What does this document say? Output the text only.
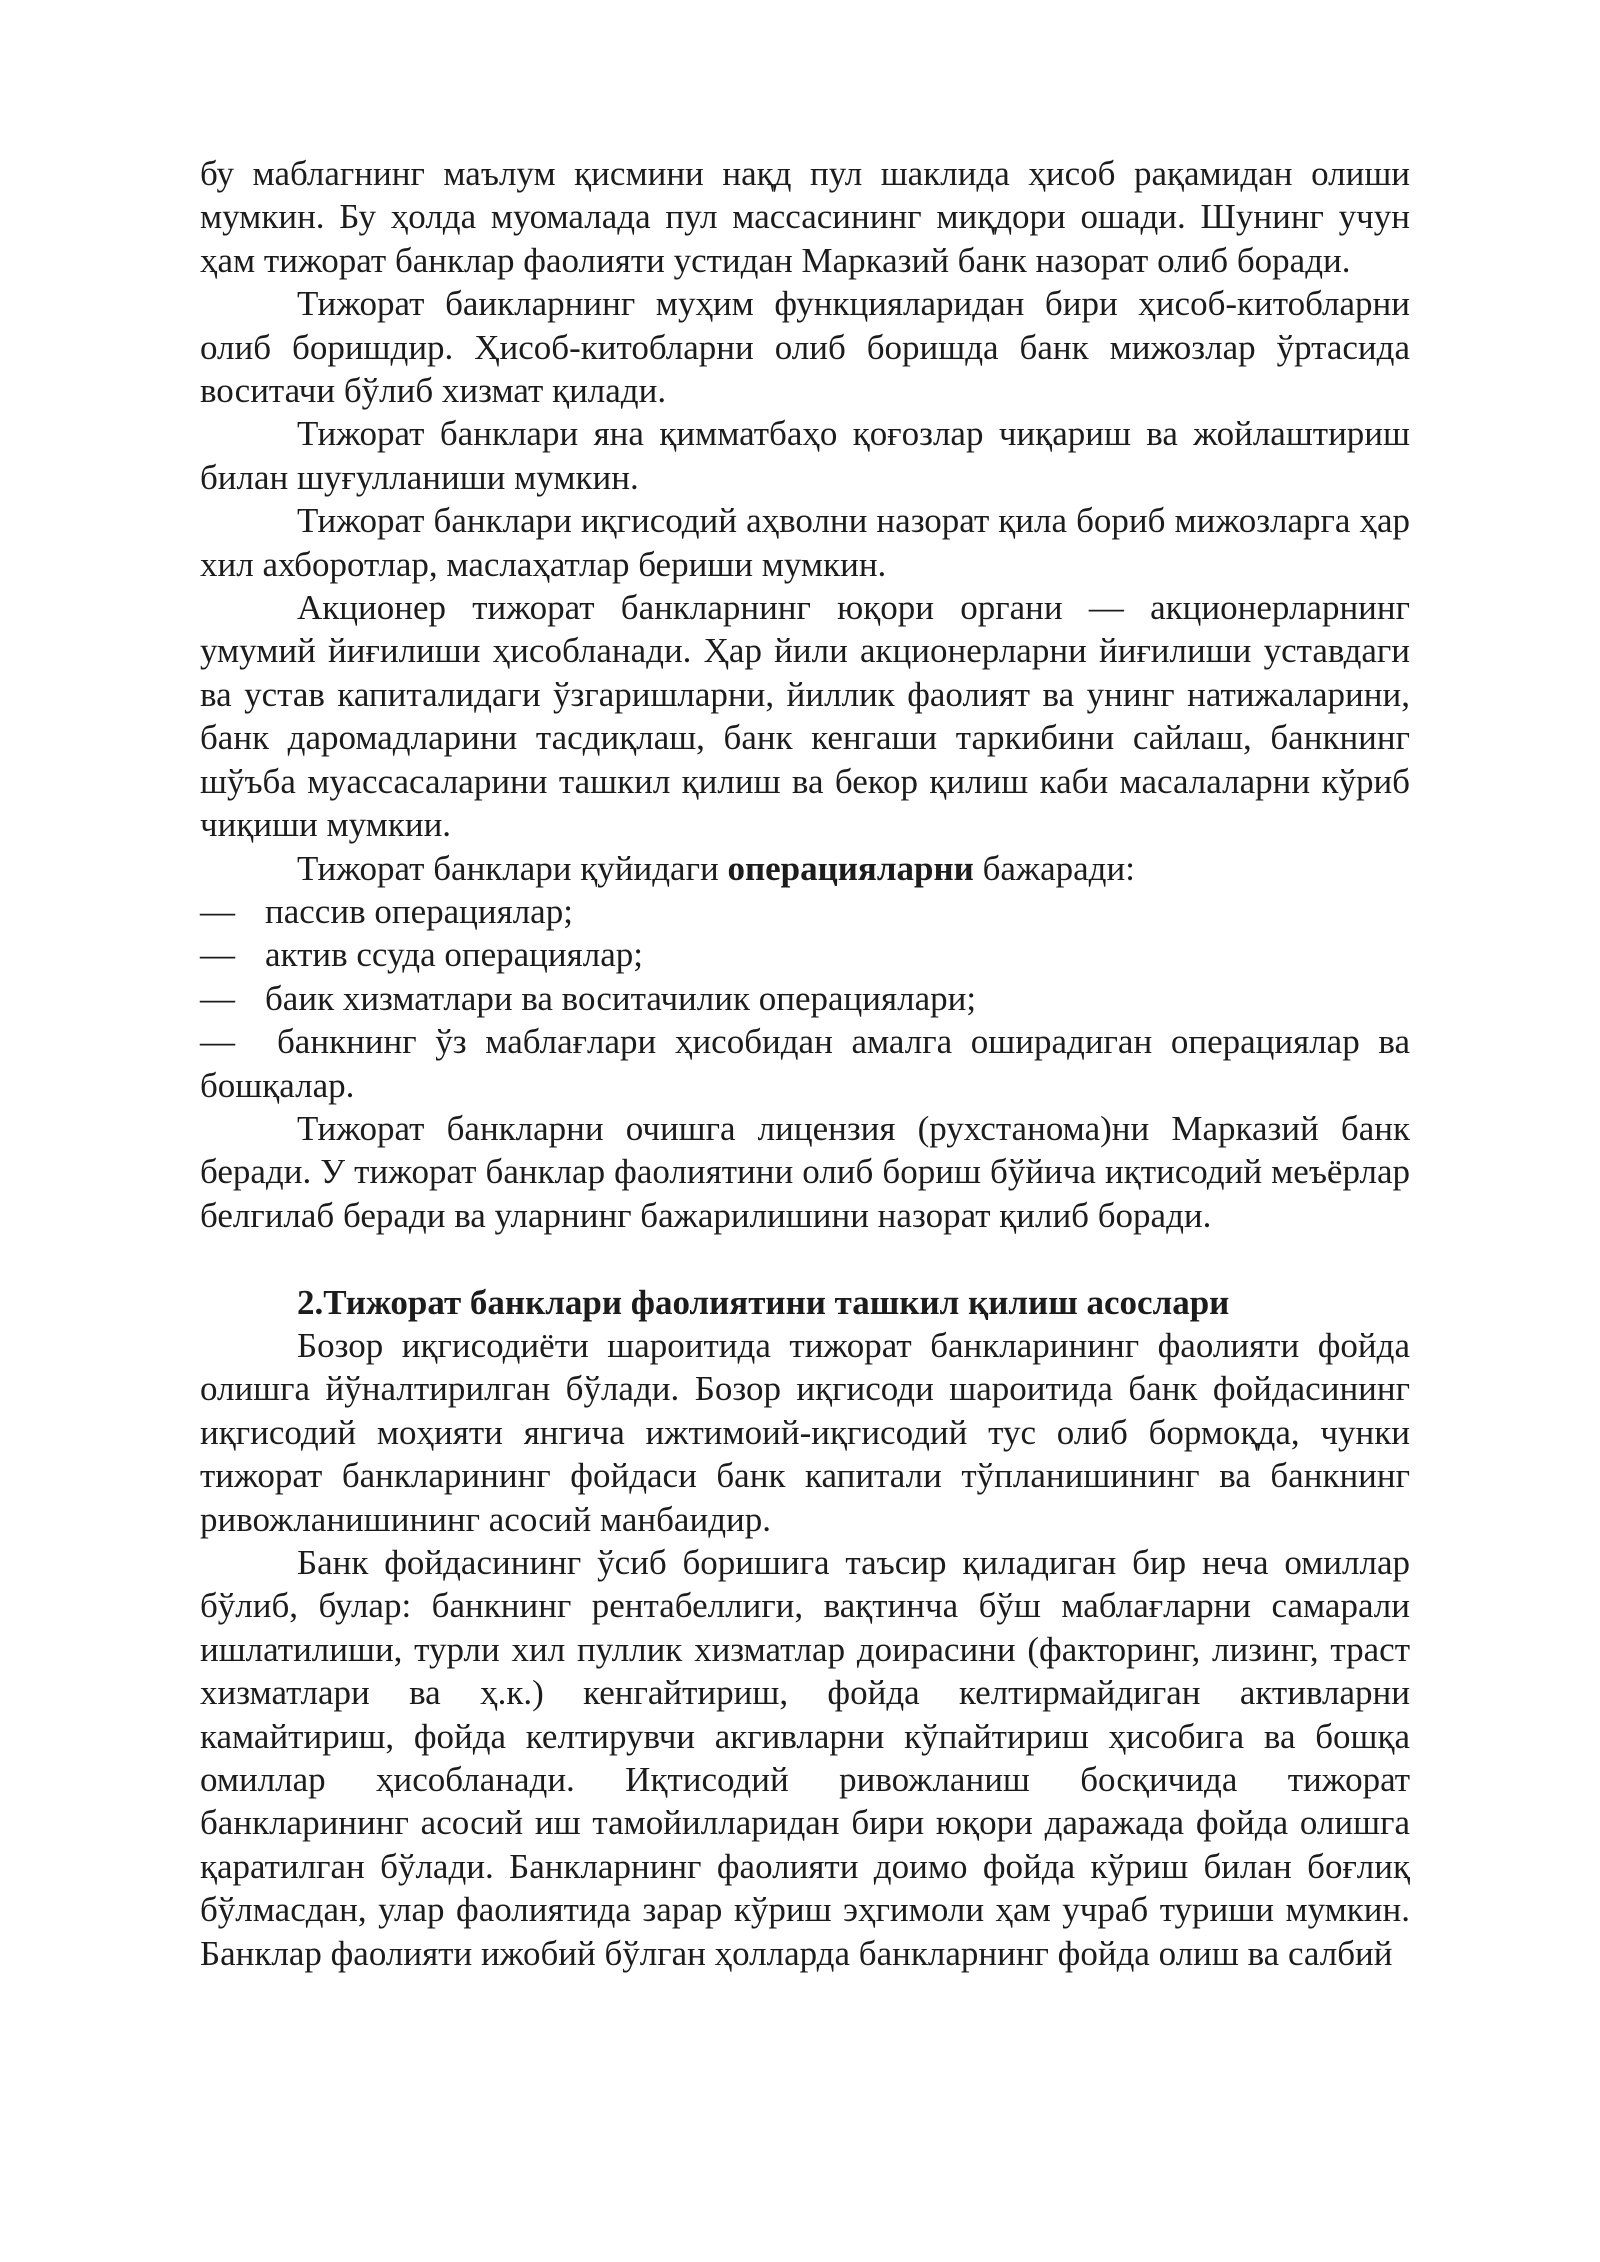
бу маблагнинг маълум қисмини нақд пул шаклида ҳисоб рақамидан олиши мумкин. Бу ҳолда муомалада пул массасининг миқдори ошади. Шунинг учун ҳам тижорат банклар фаолияти устидан Марказий банк назорат олиб боради.

Тижорат баикларнинг муҳим функцияларидан бири ҳисоб-китобларни олиб боришдир. Ҳисоб-китобларни олиб боришда банк мижозлар ўртасида воситачи бўлиб хизмат қилади.

Тижорат банклари яна қимматбаҳо қоғозлар чиқариш ва жойлаштириш билан шуғулланиши мумкин.

Тижорат банклари иқгисодий аҳволни назорат қила бориб мижозларга ҳар хил ахборотлар, маслаҳатлар бериши мумкин.

Акционер тижорат банкларнинг юқори органи — акционерларнинг умумий йиғилиши ҳисобланади. Ҳар йили акционерларни йиғилиши уставдаги ва устав капиталидаги ўзгаришларни, йиллик фаолият ва унинг натижаларини, банк даромадларини тасдиқлаш, банк кенгаши таркибини сайлаш, банкнинг шўъба муассасаларини ташкил қилиш ва бекор қилиш каби масалаларни кўриб чиқиши мумкии.

Тижорат банклари қуйидаги операцияларни бажаради:

— пассив операциялар;

— актив ссуда операциялар;

— баик хизматлари ва воситачилик операциялари;

— банкнинг ўз маблағлари ҳисобидан амалга оширадиган операциялар ва бошқалар.

Тижорат банкларни очишга лицензия (рухстанома)ни Марказий банк беради. У тижорат банклар фаолиятини олиб бориш бўйича иқтисодий меъёрлар белгилаб беради ва уларнинг бажарилишини назорат қилиб боради.

2.Тижорат банклари фаолиятини ташкил қилиш асослари

Бозор иқгисодиёти шароитида тижорат банкларининг фаолияти фойда олишга йўналтирилган бўлади. Бозор иқгисоди шароитида банк фойдасининг иқгисодий моҳияти янгича ижтимоий-иқгисодий тус олиб бормоқда, чунки тижорат банкларининг фойдаси банк капитали тўпланишининг ва банкнинг ривожланишининг асосий манбаидир.

Банк фойдасининг ўсиб боришига таъсир қиладиган бир неча омиллар бўлиб, булар: банкнинг рентабеллиги, вақтинча бўш маблағларни самарали ишлатилиши, турли хил пуллик хизматлар доирасини (факторинг, лизинг, траст хизматлари ва ҳ.к.) кенгайтириш, фойда келтирмайдиган активларни камайтириш, фойда келтирувчи акгивларни кўпайтириш ҳисобига ва бошқа омиллар ҳисобланади. Иқтисодий ривожланиш босқичида тижорат банкларининг асосий иш тамойилларидан бири юқори даражада фойда олишга қаратилган бўлади. Банкларнинг фаолияти доимо фойда кўриш билан боғлиқ бўлмасдан, улар фаолиятида зарар кўриш эҳгимоли ҳам учраб туриши мумкин. Банклар фаолияти ижобий бўлган ҳолларда банкларнинг фойда олиш ва салбий
